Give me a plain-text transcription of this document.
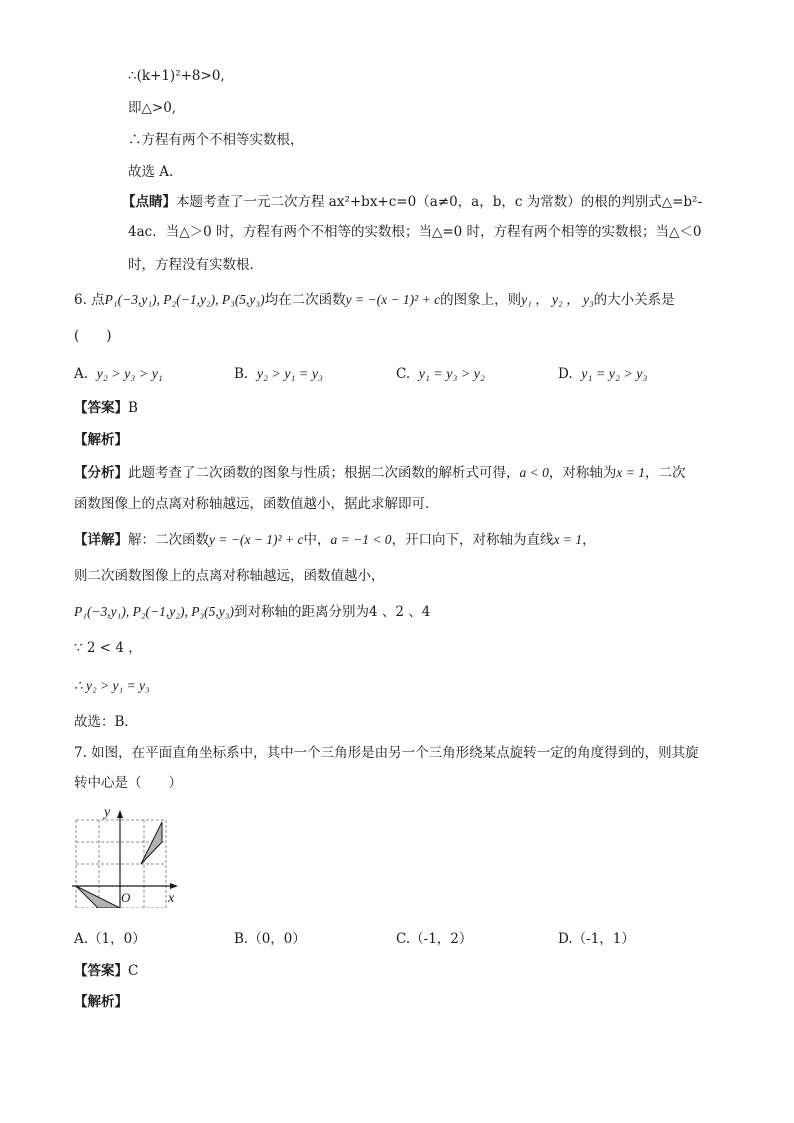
∴(k+1)²+8>0,
即△>0,
∴方程有两个不相等实数根，
故选 A.
【点睛】本题考查了一元二次方程 ax²+bx+c=0（a≠0，a，b，c 为常数）的根的判别式△=b²-
4ac．当△＞0 时，方程有两个不相等的实数根；当△=0 时，方程有两个相等的实数根；当△＜0
时，方程没有实数根．
6. 点P₁(−3,y₁), P₂(−1,y₂), P₃(5,y₃)均在二次函数y = −(x − 1)² + c的图象上，则y₁ ， y₂ ， y₃的大小关系是
(　　)
A. y₂ > y₃ > y₁	B. y₂ > y₁ = y₃	C. y₁ = y₃ > y₂	D. y₁ = y₂ > y₃
【答案】B
【解析】
【分析】此题考查了二次函数的图象与性质；根据二次函数的解析式可得，a < 0，对称轴为x = 1，二次
函数图像上的点离对称轴越远，函数值越小，据此求解即可．
【详解】解：二次函数y = −(x − 1)² + c中，a = −1 < 0，开口向下，对称轴为直线x = 1，
则二次函数图像上的点离对称轴越远，函数值越小，
P₁(−3,y₁), P₂(−1,y₂), P₃(5,y₃)到对称轴的距离分别为4 、2 、4
∵ 2 < 4 ，
∴ y₂ > y₁ = y₃
故选：B．
7. 如图，在平面直角坐标系中，其中一个三角形是由另一个三角形绕某点旋转一定的角度得到的，则其旋
转中心是（　　）
y
x
O
A.（1，0）	B.（0，0）	C.（-1，2）	D.（-1，1）
【答案】C
【解析】
